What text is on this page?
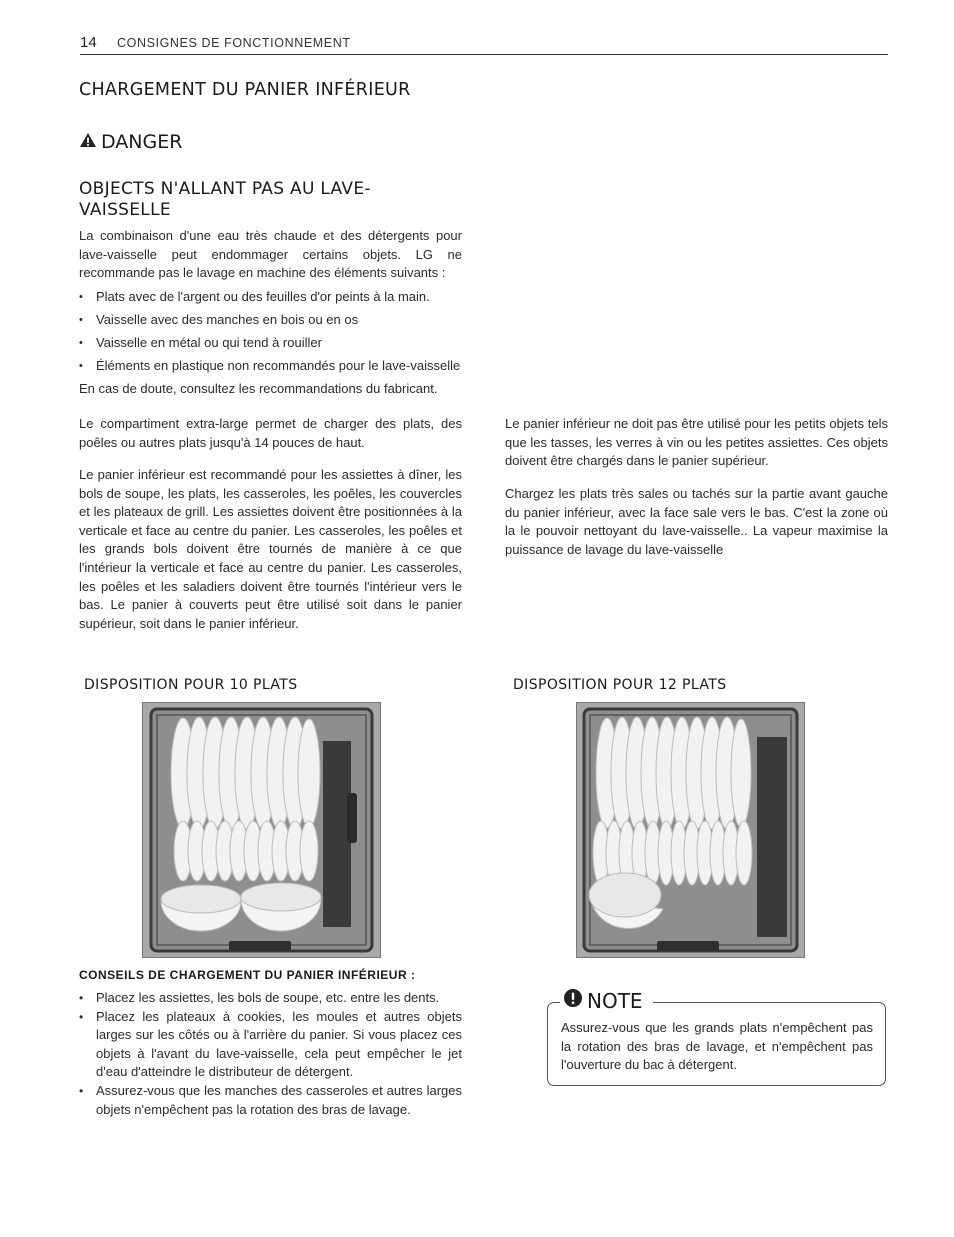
14 CONSIGNES DE FONCTIONNEMENT
CHARGEMENT DU PANIER INFÉRIEUR
DANGER
OBJECTS N'ALLANT PAS AU LAVE-VAISSELLE

La combinaison d'une eau très chaude et des détergents pour lave-vaisselle peut endommager certains objets. LG ne recommande pas le lavage en machine des éléments suivants :

• Plats avec de l'argent ou des feuilles d'or peints à la main.
• Vaisselle avec des manches en bois ou en os
• Vaisselle en métal ou qui tend à rouiller
• Éléments en plastique non recommandés pour le lave-vaisselle

En cas de doute, consultez les recommandations du fabricant.

Le compartiment extra-large permet de charger des plats, des poêles ou autres plats jusqu'à 14 pouces de haut.

Le panier inférieur est recommandé pour les assiettes à dîner, les bols de soupe, les plats, les casseroles, les poêles, les couvercles et les plateaux de grill. Les assiettes doivent être positionnées à la verticale et face au centre du panier. Les casseroles, les poêles et les grands bols doivent être tournés de manière à ce que l'intérieur la verticale et face au centre du panier. Les casseroles, les poêles et les saladiers doivent être tournés l'intérieur vers le bas. Le panier à couverts peut être utilisé soit dans le panier supérieur, soit dans le panier inférieur.

Le panier inférieur ne doit pas être utilisé pour les petits objets tels que les tasses, les verres à vin ou les petites assiettes. Ces objets doivent être chargés dans le panier supérieur.

Chargez les plats très sales ou tachés sur la partie avant gauche du panier inférieur, avec la face sale vers le bas. C'est la zone où la le pouvoir nettoyant du lave-vaisselle.. La vapeur maximise la puissance de lavage du lave-vaisselle

DISPOSITION POUR 10 PLATS	DISPOSITION POUR 12 PLATS
CONSEILS DE CHARGEMENT DU PANIER INFÉRIEUR :
• Placez les assiettes, les bols de soupe, etc. entre les dents.
• Placez les plateaux à cookies, les moules et autres objets larges sur les côtés ou à l'arrière du panier. Si vous placez ces objets à l'avant du lave-vaisselle, cela peut empêcher le jet d'eau d'atteindre le distributeur de détergent.
• Assurez-vous que les manches des casseroles et autres larges objets n'empêchent pas la rotation des bras de lavage.
NOTE

Assurez-vous que les grands plats n'empêchent pas la rotation des bras de lavage, et n'empêchent pas l'ouverture du bac à détergent.
